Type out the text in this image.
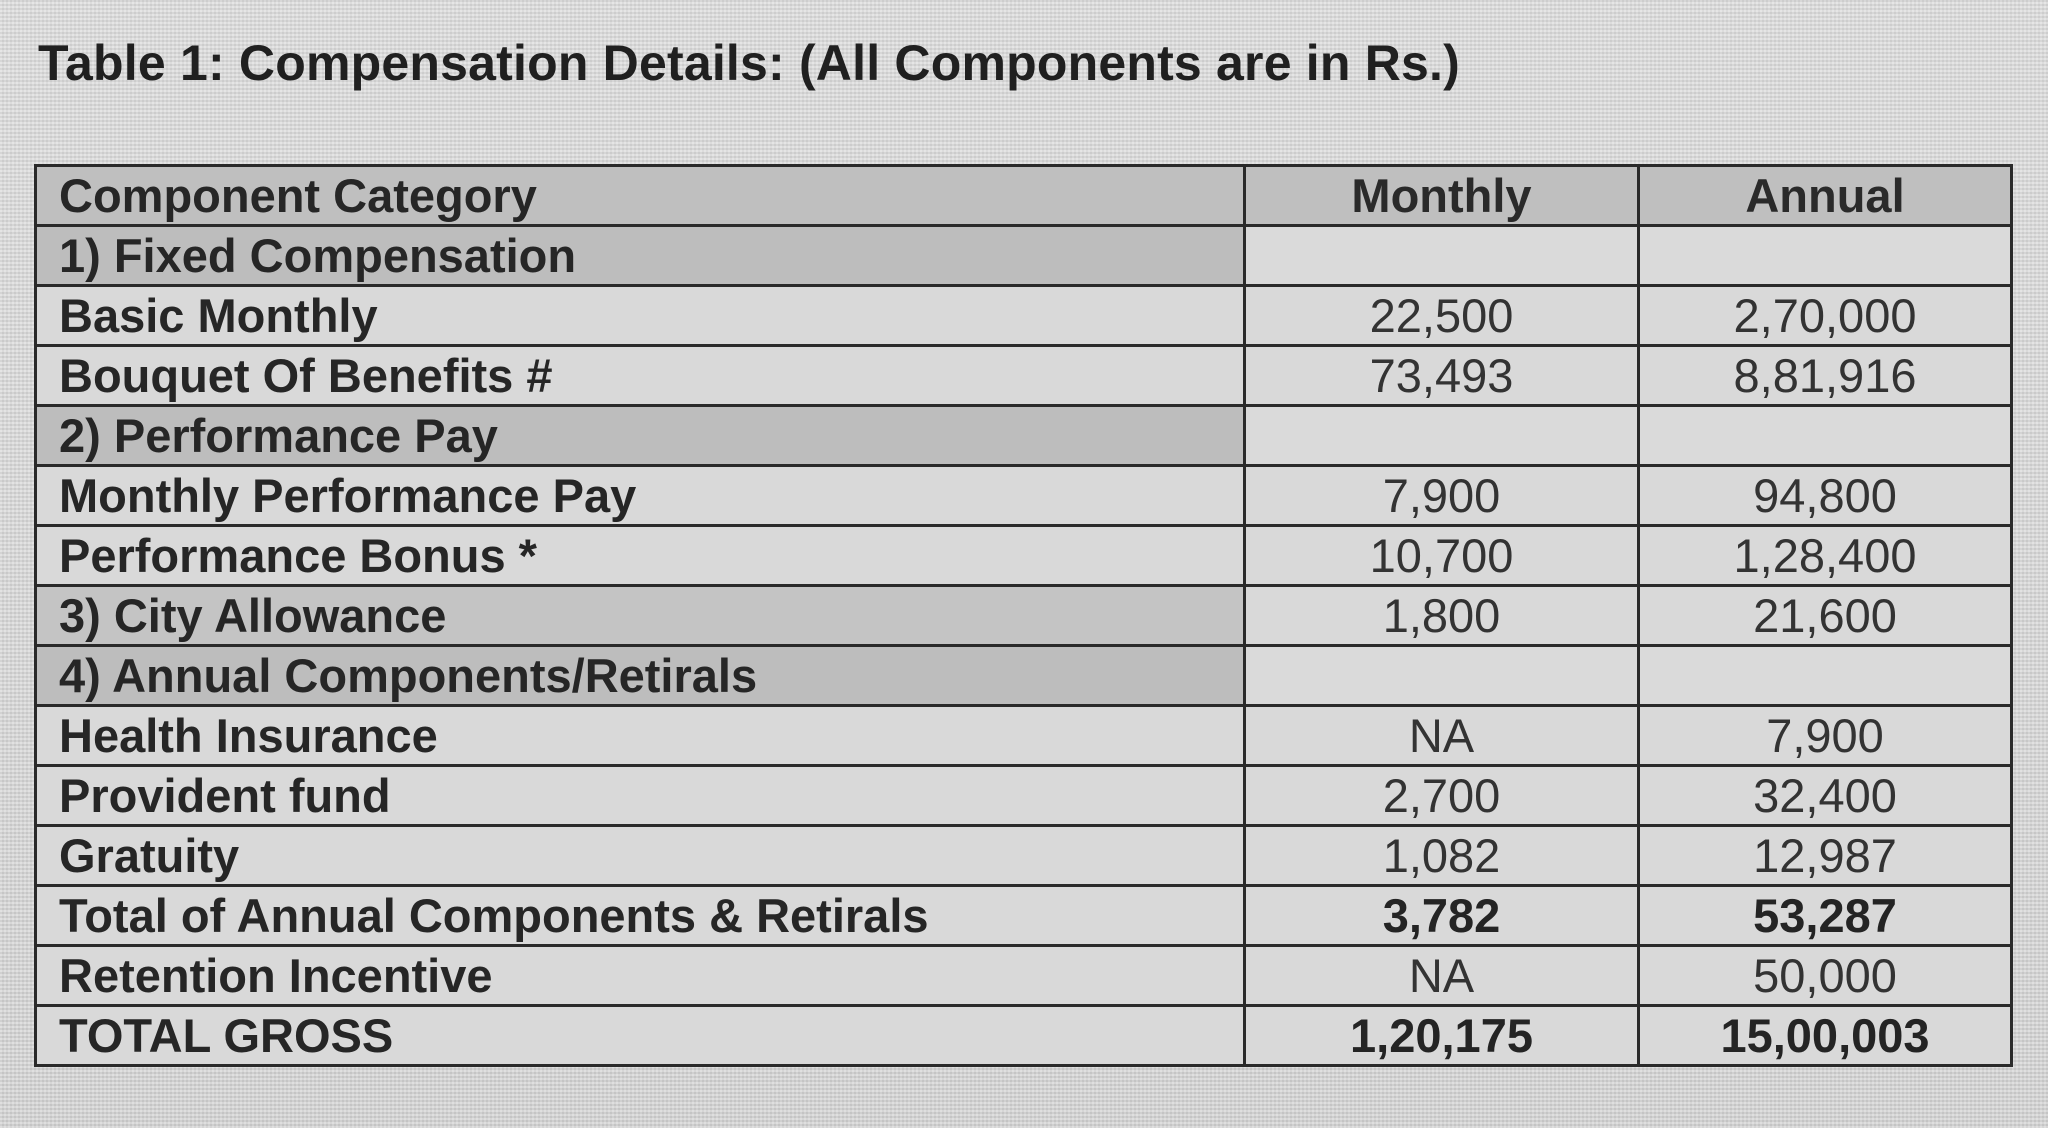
Table 1: Compensation Details: (All Components are in Rs.)
Component Category	Monthly	Annual
1) Fixed Compensation		
Basic Monthly	22,500	2,70,000
Bouquet Of Benefits #	73,493	8,81,916
2) Performance Pay		
Monthly Performance Pay	7,900	94,800
Performance Bonus *	10,700	1,28,400
3) City Allowance	1,800	21,600
4) Annual Components/Retirals		
Health Insurance	NA	7,900
Provident fund	2,700	32,400
Gratuity	1,082	12,987
Total of Annual Components & Retirals	3,782	53,287
Retention Incentive	NA	50,000
TOTAL GROSS	1,20,175	15,00,003
